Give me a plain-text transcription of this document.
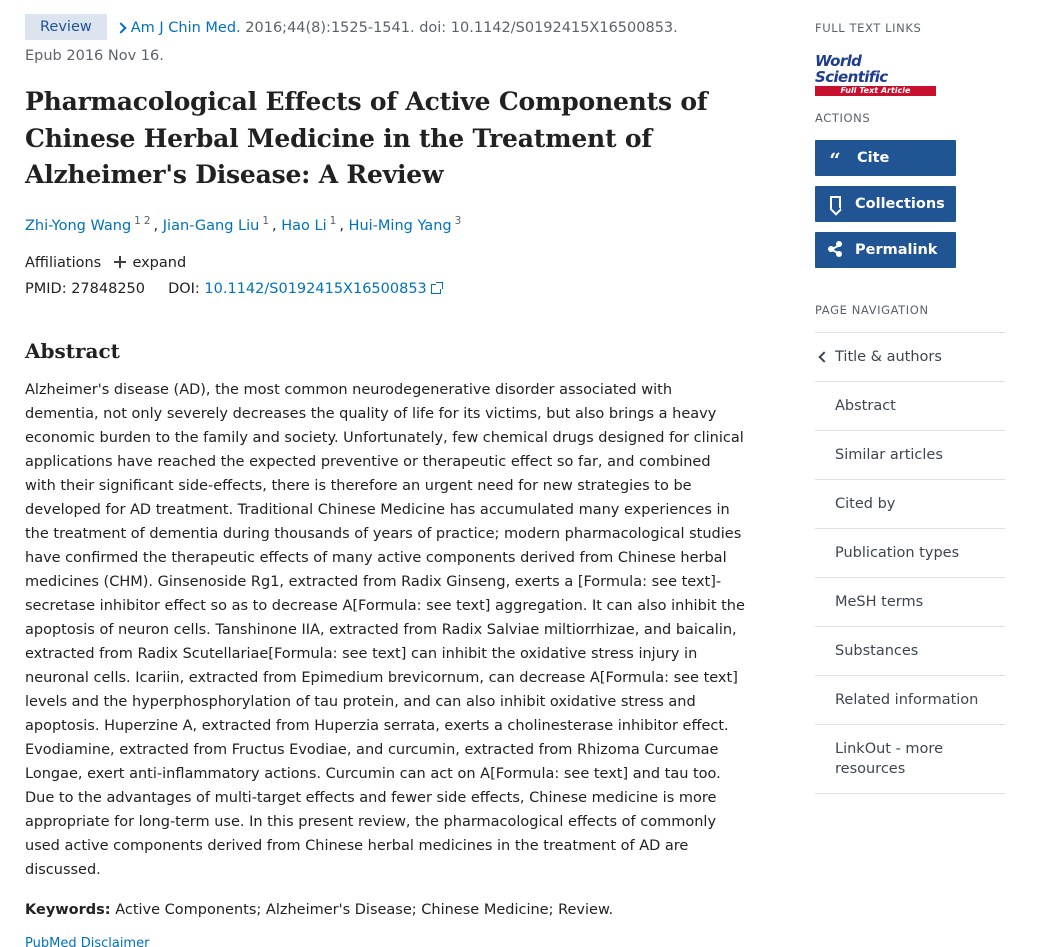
Review	Am J Chin Med. 2016;44(8):1525-1541. doi: 10.1142/S0192415X16500853.
Epub 2016 Nov 16.
Pharmacological Effects of Active Components of Chinese Herbal Medicine in the Treatment of Alzheimer's Disease: A Review
Zhi-Yong Wang $^{1 2}$ , Jian-Gang Liu $^1$ , Hao Li $^1$ , Hui-Ming Yang $^3$
Affiliations expand
PMID: 27848250 DOI: 10.1142/S0192415X16500853
Abstract

Alzheimer's disease (AD), the most common neurodegenerative disorder associated with dementia, not only severely decreases the quality of life for its victims, but also brings a heavy economic burden to the family and society. Unfortunately, few chemical drugs designed for clinical applications have reached the expected preventive or therapeutic effect so far, and combined with their significant side-effects, there is therefore an urgent need for new strategies to be developed for AD treatment. Traditional Chinese Medicine has accumulated many experiences in the treatment of dementia during thousands of years of practice; modern pharmacological studies have confirmed the therapeutic effects of many active components derived from Chinese herbal medicines (CHM). Ginsenoside Rg1, extracted from Radix Ginseng, exerts a [Formula: see text]-secretase inhibitor effect so as to decrease A[Formula: see text] aggregation. It can also inhibit the apoptosis of neuron cells. Tanshinone IIA, extracted from Radix Salviae miltiorrhizae, and baicalin, extracted from Radix Scutellariae[Formula: see text] can inhibit the oxidative stress injury in neuronal cells. Icariin, extracted from Epimedium brevicornum, can decrease A[Formula: see text] levels and the hyperphosphorylation of tau protein, and can also inhibit oxidative stress and apoptosis. Huperzine A, extracted from Huperzia serrata, exerts a cholinesterase inhibitor effect. Evodiamine, extracted from Fructus Evodiae, and curcumin, extracted from Rhizoma Curcumae Longae, exert anti-inflammatory actions. Curcumin can act on A[Formula: see text] and tau too. Due to the advantages of multi-target effects and fewer side effects, Chinese medicine is more appropriate for long-term use. In this present review, the pharmacological effects of commonly used active components derived from Chinese herbal medicines in the treatment of AD are discussed.

Keywords: Active Components; Alzheimer's Disease; Chinese Medicine; Review.

PubMed Disclaimer

FULL TEXT LINKS
World Scientific
Full Text Article
ACTIONS
“	Cite
Collections
Permalink
PAGE NAVIGATION
Title & authors
Abstract
Similar articles
Cited by
Publication types
MeSH terms
Substances
Related information
LinkOut - more resources
